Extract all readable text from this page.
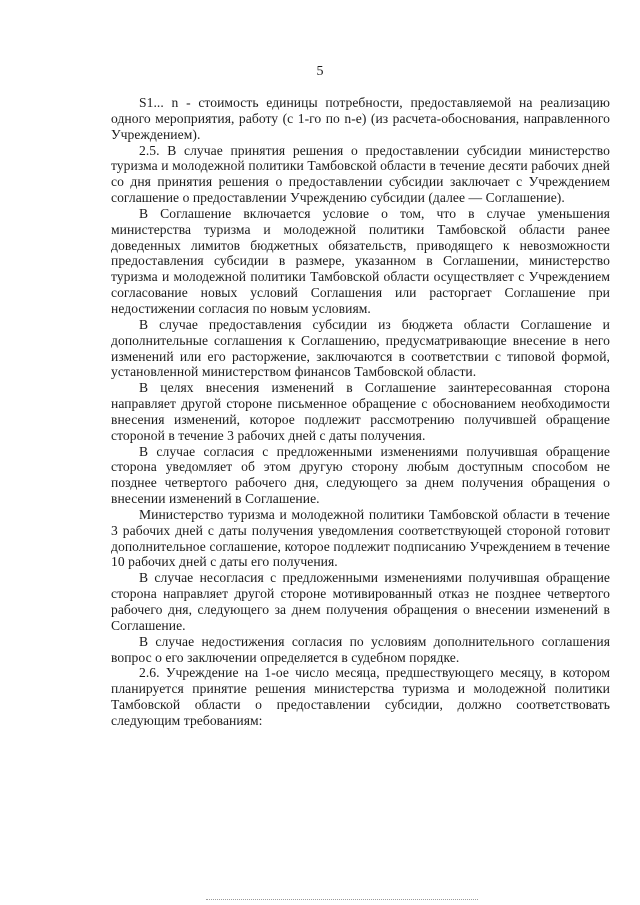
5

S1... n - стоимость единицы потребности, предоставляемой на реализацию одного мероприятия, работу (с 1-го по n-е) (из расчета-обоснования, направленного Учреждением).

2.5. В случае принятия решения о предоставлении субсидии министерство туризма и молодежной политики Тамбовской области в течение десяти рабочих дней со дня принятия решения о предоставлении субсидии заключает с Учреждением соглашение о предоставлении Учреждению субсидии (далее — Соглашение).

В Соглашение включается условие о том, что в случае уменьшения министерства туризма и молодежной политики Тамбовской области ранее доведенных лимитов бюджетных обязательств, приводящего к невозможности предоставления субсидии в размере, указанном в Соглашении, министерство туризма и молодежной политики Тамбовской области осуществляет с Учреждением согласование новых условий Соглашения или расторгает Соглашение при недостижении согласия по новым условиям.

В случае предоставления субсидии из бюджета области Соглашение и дополнительные соглашения к Соглашению, предусматривающие внесение в него изменений или его расторжение, заключаются в соответствии с типовой формой, установленной министерством финансов Тамбовской области.

В целях внесения изменений в Соглашение заинтересованная сторона направляет другой стороне письменное обращение с обоснованием необходимости внесения изменений, которое подлежит рассмотрению получившей обращение стороной в течение 3 рабочих дней с даты получения.

В случае согласия с предложенными изменениями получившая обращение сторона уведомляет об этом другую сторону любым доступным способом не позднее четвертого рабочего дня, следующего за днем получения обращения о внесении изменений в Соглашение.

Министерство туризма и молодежной политики Тамбовской области в течение 3 рабочих дней с даты получения уведомления соответствующей стороной готовит дополнительное соглашение, которое подлежит подписанию Учреждением в течение 10 рабочих дней с даты его получения.

В случае несогласия с предложенными изменениями получившая обращение сторона направляет другой стороне мотивированный отказ не позднее четвертого рабочего дня, следующего за днем получения обращения о внесении изменений в Соглашение.

В случае недостижения согласия по условиям дополнительного соглашения вопрос о его заключении определяется в судебном порядке.

2.6. Учреждение на 1-ое число месяца, предшествующего месяцу, в котором планируется принятие решения министерства туризма и молодежной политики Тамбовской области о предоставлении субсидии, должно соответствовать следующим требованиям:
